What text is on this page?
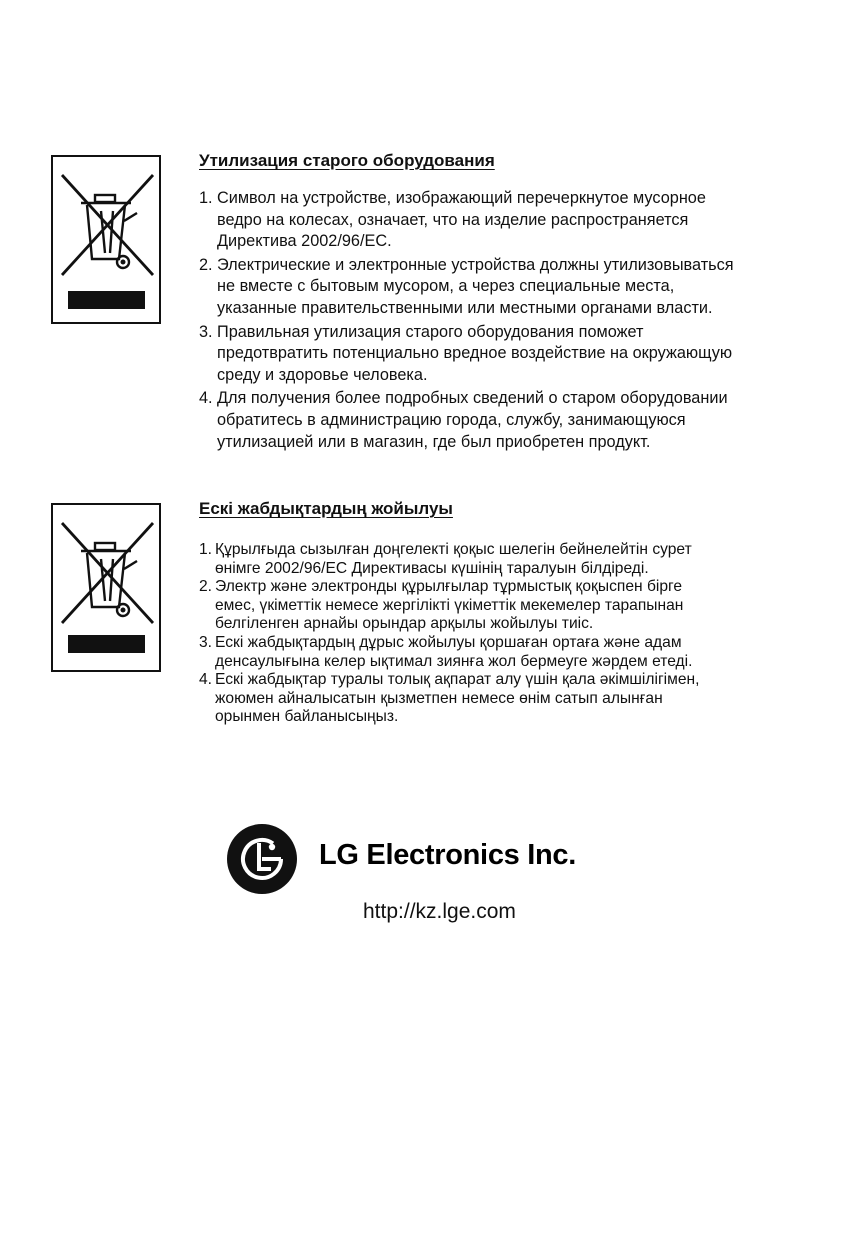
Утилизация старого оборудования
1. Символ на устройстве, изображающий перечеркнутое мусорное
ведро на колесах, означает, что на изделие распространяется
Директива 2002/96/EC.
2. Электрические и электронные устройства должны утилизовываться
не вместе с бытовым мусором, а через специальные места,
указанные правительственными или местными органами власти.
3. Правильная утилизация старого оборудования поможет
предотвратить потенциально вредное воздействие на окружающую
среду и здоровье человека.
4. Для получения более подробных сведений о старом оборудовании
обратитесь в администрацию города, службу, занимающуюся
утилизацией или в магазин, где был приобретен продукт.
Ескі жабдықтардың жойылуы
1. Құрылғыда сызылған доңгелекті қоқыс шелегін бейнелейтін сурет
өнімге 2002/96/ЕС Директивасы күшінің таралуын білдіреді.
2. Электр және электронды құрылғылар тұрмыстық қоқыспен бірге
емес, үкіметтік немесе жергілікті үкіметтік мекемелер тарапынан
белгіленген арнайы орындар арқылы жойылуы тиіс.
3. Ескі жабдықтардың дұрыс жойылуы қоршаған ортаға және адам
денсаулығына келер ықтимал зиянға жол бермеуге жәрдем етеді.
4. Ескі жабдықтар туралы толық ақпарат алу үшін қала әкімшілігімен,
жоюмен айналысатын қызметпен немесе өнім сатып алынған
орынмен байланысыңыз.
LG Electronics Inc.
http://kz.lge.com
